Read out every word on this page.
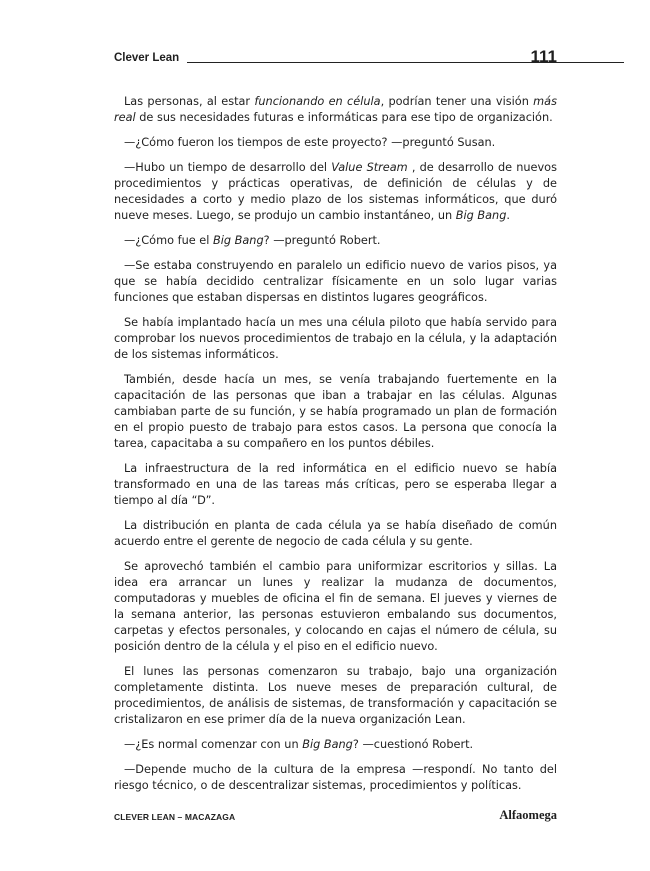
Clever Lean	111

Las personas, al estar funcionando en célula, podrían tener una visión más real de sus necesidades futuras e informáticas para ese tipo de organización.

—¿Cómo fueron los tiempos de este proyecto? —preguntó Susan.

—Hubo un tiempo de desarrollo del Value Stream , de desarrollo de nuevos procedimientos y prácticas operativas, de definición de células y de necesidades a corto y medio plazo de los sistemas informáticos, que duró nueve meses. Luego, se produjo un cambio instantáneo, un Big Bang.

—¿Cómo fue el Big Bang? —preguntó Robert.

—Se estaba construyendo en paralelo un edificio nuevo de varios pisos, ya que se había decidido centralizar físicamente en un solo lugar varias funciones que estaban dispersas en distintos lugares geográficos.

Se había implantado hacía un mes una célula piloto que había servido para comprobar los nuevos procedimientos de trabajo en la célula, y la adaptación de los sistemas informáticos.

También, desde hacía un mes, se venía trabajando fuertemente en la capacitación de las personas que iban a trabajar en las células. Algunas cambiaban parte de su función, y se había programado un plan de formación en el propio puesto de trabajo para estos casos. La persona que conocía la tarea, capacitaba a su compañero en los puntos débiles.

La infraestructura de la red informática en el edificio nuevo se había transformado en una de las tareas más críticas, pero se esperaba llegar a tiempo al día “D”.

La distribución en planta de cada célula ya se había diseñado de común acuerdo entre el gerente de negocio de cada célula y su gente.

Se aprovechó también el cambio para uniformizar escritorios y sillas. La idea era arrancar un lunes y realizar la mudanza de documentos, computadoras y muebles de oficina el fin de semana. El jueves y viernes de la semana anterior, las personas estuvieron embalando sus documentos, carpetas y efectos personales, y colocando en cajas el número de célula, su posición dentro de la célula y el piso en el edificio nuevo.

El lunes las personas comenzaron su trabajo, bajo una organización completamente distinta. Los nueve meses de preparación cultural, de procedimientos, de análisis de sistemas, de transformación y capacitación se cristalizaron en ese primer día de la nueva organización Lean.

—¿Es normal comenzar con un Big Bang? —cuestionó Robert.

—Depende mucho de la cultura de la empresa —respondí. No tanto del riesgo técnico, o de descentralizar sistemas, procedimientos y políticas.

CLEVER LEAN – MACAZAGA	Alfaomega
